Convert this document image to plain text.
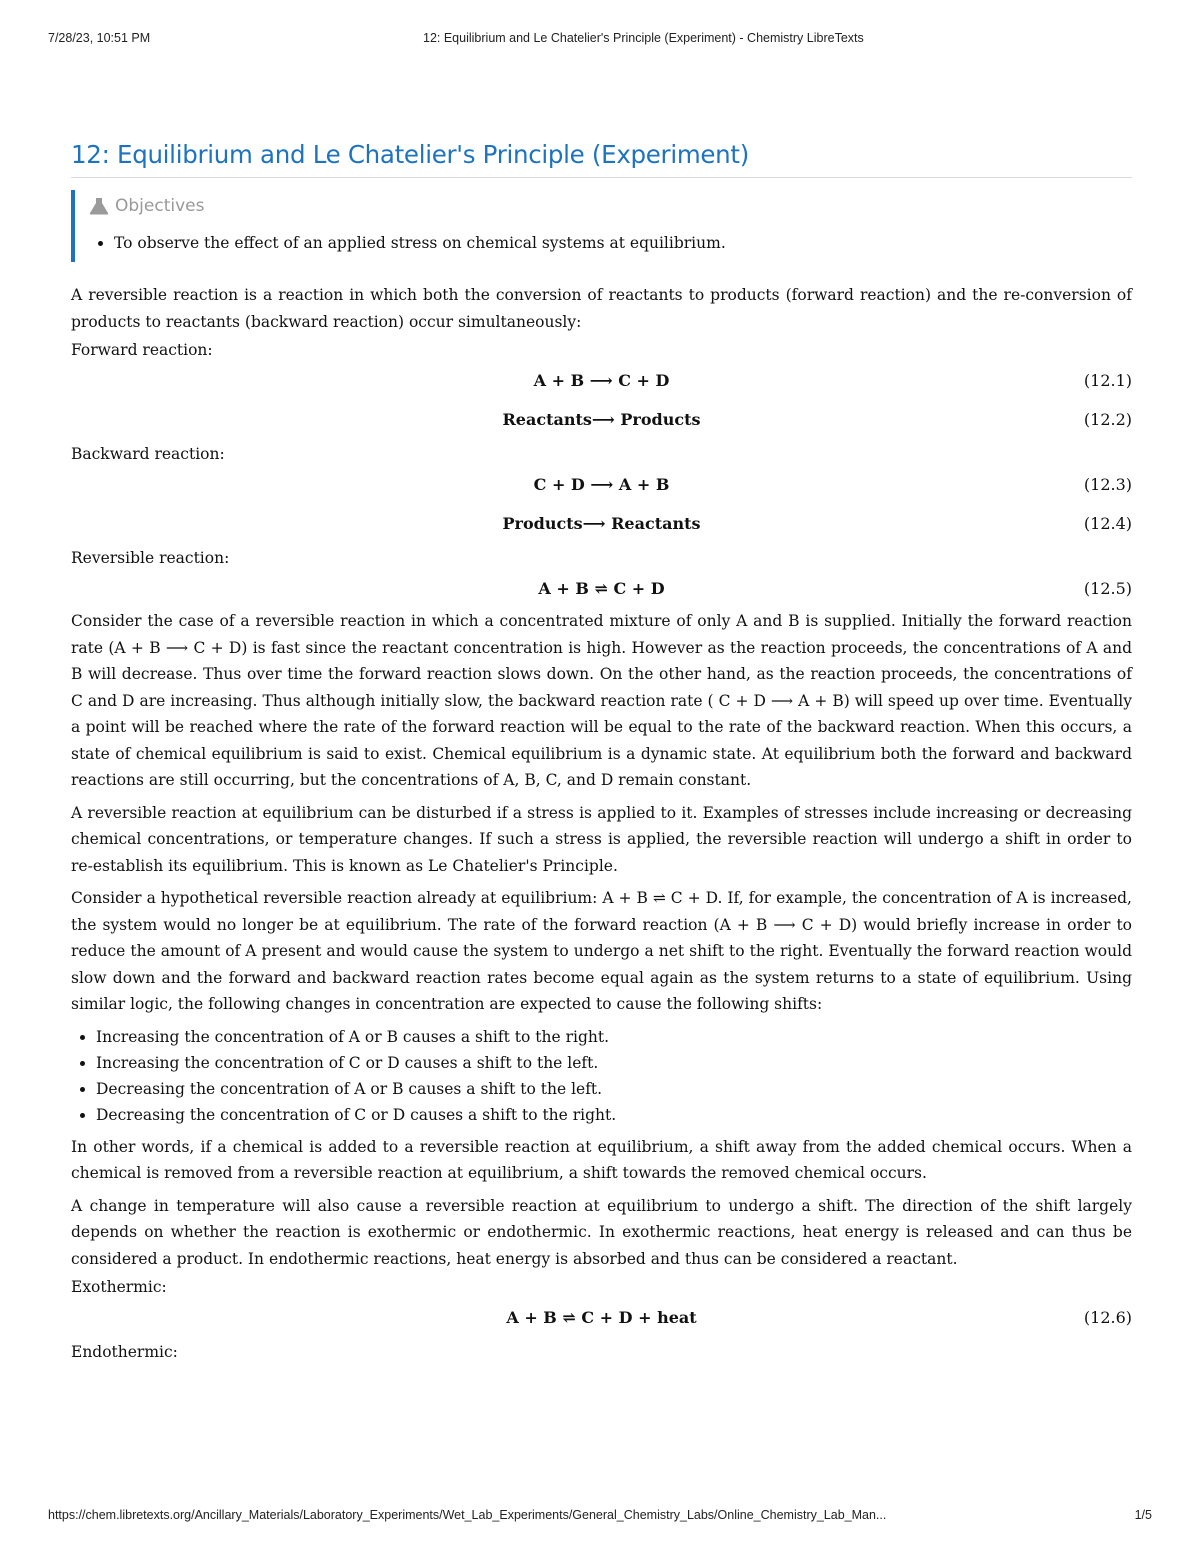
7/28/23, 10:51 PM	12: Equilibrium and Le Chatelier's Principle (Experiment) - Chemistry LibreTexts
12: Equilibrium and Le Chatelier's Principle (Experiment)
Objectives
• To observe the effect of an applied stress on chemical systems at equilibrium.

A reversible reaction is a reaction in which both the conversion of reactants to products (forward reaction) and the re-conversion of products to reactants (backward reaction) occur simultaneously:

Forward reaction:
A + B ⟶ C + D	(12.1)
Reactants⟶ Products	(12.2)
Backward reaction:
C + D ⟶ A + B	(12.3)
Products⟶ Reactants	(12.4)
Reversible reaction:
A + B ⇌ C + D	(12.5)

Consider the case of a reversible reaction in which a concentrated mixture of only A and B is supplied. Initially the forward reaction rate (A + B ⟶ C + D) is fast since the reactant concentration is high. However as the reaction proceeds, the concentrations of A and B will decrease. Thus over time the forward reaction slows down. On the other hand, as the reaction proceeds, the concentrations of C and D are increasing. Thus although initially slow, the backward reaction rate ( C + D ⟶ A + B) will speed up over time. Eventually a point will be reached where the rate of the forward reaction will be equal to the rate of the backward reaction. When this occurs, a state of chemical equilibrium is said to exist. Chemical equilibrium is a dynamic state. At equilibrium both the forward and backward reactions are still occurring, but the concentrations of A, B, C, and D remain constant.

A reversible reaction at equilibrium can be disturbed if a stress is applied to it. Examples of stresses include increasing or decreasing chemical concentrations, or temperature changes. If such a stress is applied, the reversible reaction will undergo a shift in order to re-establish its equilibrium. This is known as Le Chatelier's Principle.

Consider a hypothetical reversible reaction already at equilibrium: A + B ⇌ C + D. If, for example, the concentration of A is increased, the system would no longer be at equilibrium. The rate of the forward reaction (A + B ⟶ C + D) would briefly increase in order to reduce the amount of A present and would cause the system to undergo a net shift to the right. Eventually the forward reaction would slow down and the forward and backward reaction rates become equal again as the system returns to a state of equilibrium. Using similar logic, the following changes in concentration are expected to cause the following shifts:

• Increasing the concentration of A or B causes a shift to the right.
• Increasing the concentration of C or D causes a shift to the left.
• Decreasing the concentration of A or B causes a shift to the left.
• Decreasing the concentration of C or D causes a shift to the right.

In other words, if a chemical is added to a reversible reaction at equilibrium, a shift away from the added chemical occurs. When a chemical is removed from a reversible reaction at equilibrium, a shift towards the removed chemical occurs.

A change in temperature will also cause a reversible reaction at equilibrium to undergo a shift. The direction of the shift largely depends on whether the reaction is exothermic or endothermic. In exothermic reactions, heat energy is released and can thus be considered a product. In endothermic reactions, heat energy is absorbed and thus can be considered a reactant.

Exothermic:
A + B ⇌ C + D + heat	(12.6)
Endothermic:
https://chem.libretexts.org/Ancillary_Materials/Laboratory_Experiments/Wet_Lab_Experiments/General_Chemistry_Labs/Online_Chemistry_Lab_Man...	1/5
